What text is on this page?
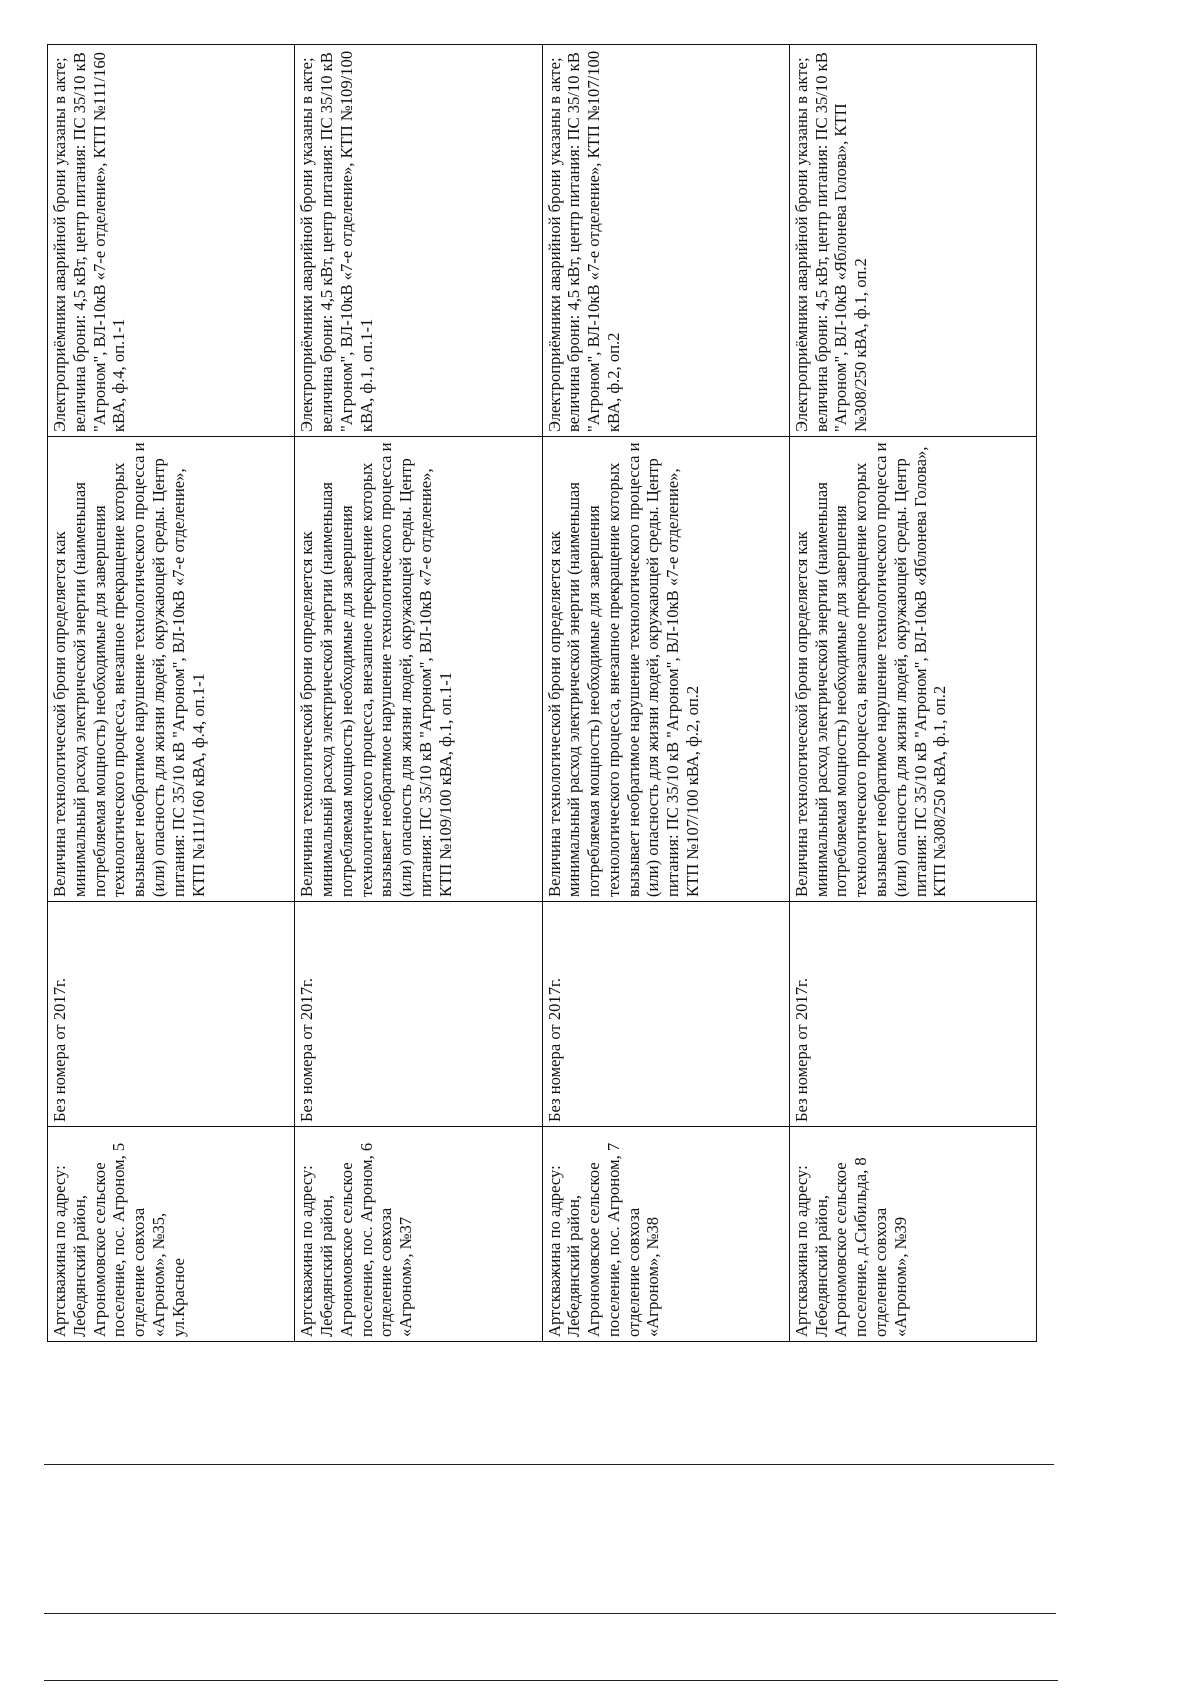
Артскважина по адресу: Лебедянский район, Агрономовское сельское поселение, пос. Агроном, 5 отделение совхоза «Агроном», №35, ул.Красное	Без номера от 2017г.	Величина технологической брони определяется как минимальный расход электрической энергии (наименьшая потребляемая мощность) необходимые для завершения технологического процесса, внезапное прекращение которых вызывает необратимое нарушение технологического процесса и (или) опасность для жизни людей, окружающей среды. Центр питания: ПС 35/10 кВ "Агроном", ВЛ-10кВ «7-е отделение», КТП №111/160 кВА, ф.4, оп.1-1	Электроприёмники аварийной брони указаны в акте; величина брони: 4,5 кВт, центр питания: ПС 35/10 кВ "Агроном", ВЛ-10кВ «7-е отделение», КТП №111/160 кВА, ф.4, оп.1-1
Артскважина по адресу: Лебедянский район, Агрономовское сельское поселение, пос. Агроном, 6 отделение совхоза «Агроном», №37	Без номера от 2017г.	Величина технологической брони определяется как минимальный расход электрической энергии (наименьшая потребляемая мощность) необходимые для завершения технологического процесса, внезапное прекращение которых вызывает необратимое нарушение технологического процесса и (или) опасность для жизни людей, окружающей среды. Центр питания: ПС 35/10 кВ "Агроном", ВЛ-10кВ «7-е отделение», КТП №109/100 кВА, ф.1, оп.1-1	Электроприёмники аварийной брони указаны в акте; величина брони: 4,5 кВт, центр питания: ПС 35/10 кВ "Агроном", ВЛ-10кВ «7-е отделение», КТП №109/100 кВА, ф.1, оп.1-1
Артскважина по адресу: Лебедянский район, Агрономовское сельское поселение, пос. Агроном, 7 отделение совхоза «Агроном», №38	Без номера от 2017г.	Величина технологической брони определяется как минимальный расход электрической энергии (наименьшая потребляемая мощность) необходимые для завершения технологического процесса, внезапное прекращение которых вызывает необратимое нарушение технологического процесса и (или) опасность для жизни людей, окружающей среды. Центр питания: ПС 35/10 кВ "Агроном", ВЛ-10кВ «7-е отделение», КТП №107/100 кВА, ф.2, оп.2	Электроприёмники аварийной брони указаны в акте; величина брони: 4,5 кВт, центр питания: ПС 35/10 кВ "Агроном", ВЛ-10кВ «7-е отделение», КТП №107/100 кВА, ф.2, оп.2
Артскважина по адресу: Лебедянский район, Агрономовское сельское поселение, д.Сибильда, 8 отделение совхоза «Агроном», №39	Без номера от 2017г.	Величина технологической брони определяется как минимальный расход электрической энергии (наименьшая потребляемая мощность) необходимые для завершения технологического процесса, внезапное прекращение которых вызывает необратимое нарушение технологического процесса и (или) опасность для жизни людей, окружающей среды. Центр питания: ПС 35/10 кВ "Агроном", ВЛ-10кВ «Яблонева Голова», КТП №308/250 кВА, ф.1, оп.2	Электроприёмники аварийной брони указаны в акте; величина брони: 4,5 кВт, центр питания: ПС 35/10 кВ "Агроном", ВЛ-10кВ «Яблонева Голова», КТП №308/250 кВА, ф.1, оп.2
